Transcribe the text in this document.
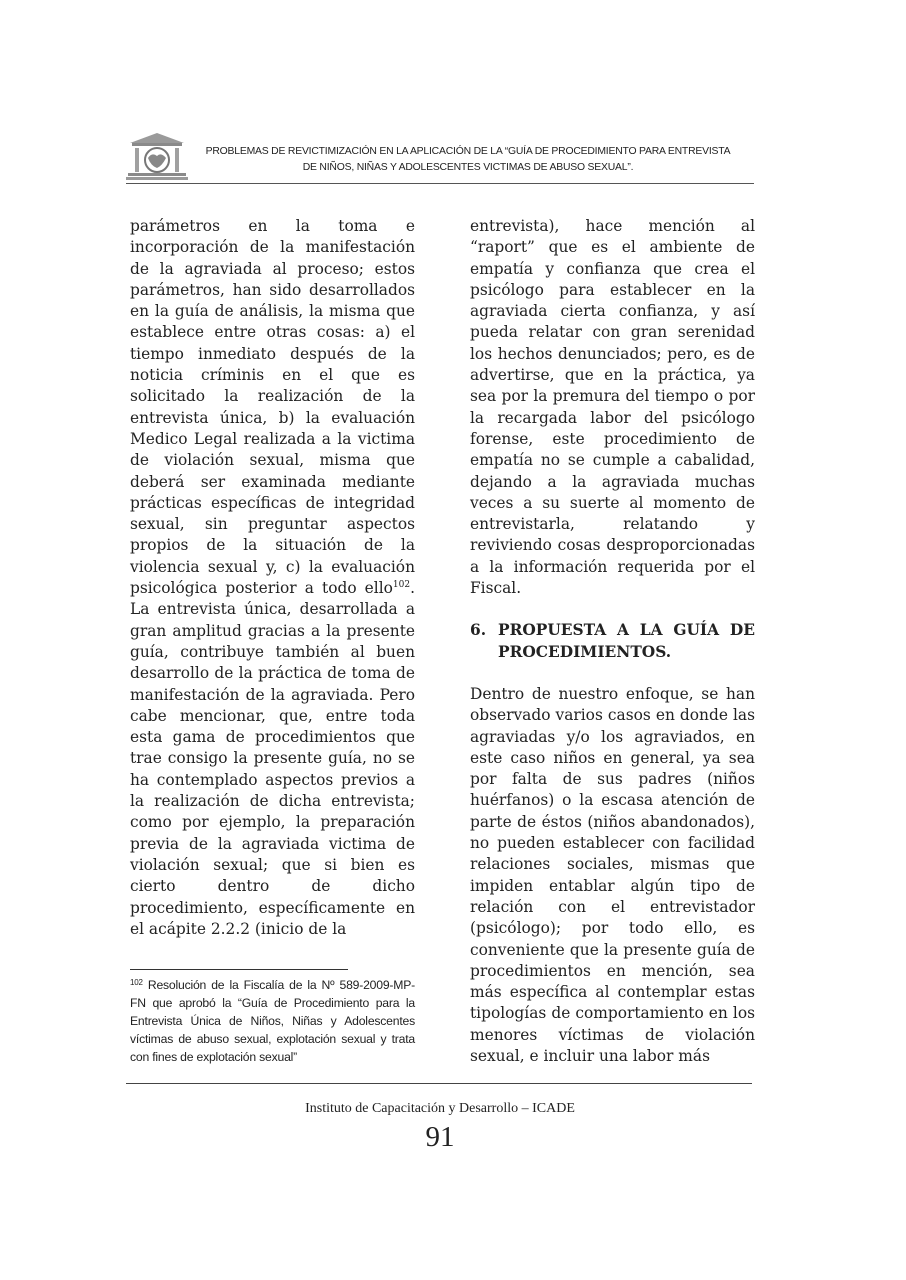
PROBLEMAS DE REVICTIMIZACIÓN EN LA APLICACIÓN DE LA “GUÍA DE PROCEDIMIENTO PARA ENTREVISTA
DE NIÑOS, NIÑAS Y ADOLESCENTES VICTIMAS DE ABUSO SEXUAL”.

parámetros en la toma e incorporación de la manifestación de la agraviada al proceso; estos parámetros, han sido desarrollados en la guía de análisis, la misma que establece entre otras cosas: a) el tiempo inmediato después de la noticia críminis en el que es solicitado la realización de la entrevista única, b) la evaluación Medico Legal realizada a la victima de violación sexual, misma que deberá ser examinada mediante prácticas específicas de integridad sexual, sin preguntar aspectos propios de la situación de la violencia sexual y, c) la evaluación psicológica posterior a todo ello$^{102}$. La entrevista única, desarrollada a gran amplitud gracias a la presente guía, contribuye también al buen desarrollo de la práctica de toma de manifestación de la agraviada. Pero cabe mencionar, que, entre toda esta gama de procedimientos que trae consigo la presente guía, no se ha contemplado aspectos previos a la realización de dicha entrevista; como por ejemplo, la preparación previa de la agraviada victima de violación sexual; que si bien es cierto dentro de dicho procedimiento, específicamente en el acápite 2.2.2 (inicio de la

$^{102}$ Resolución de la Fiscalía de la Nº 589-2009-MP-FN que aprobó la “Guía de Procedimiento para la Entrevista Única de Niños, Niñas y Adolescentes víctimas de abuso sexual, explotación sexual y trata con fines de explotación sexual”

entrevista), hace mención al “raport” que es el ambiente de empatía y confianza que crea el psicólogo para establecer en la agraviada cierta confianza, y así pueda relatar con gran serenidad los hechos denunciados; pero, es de advertirse, que en la práctica, ya sea por la premura del tiempo o por la recargada labor del psicólogo forense, este procedimiento de empatía no se cumple a cabalidad, dejando a la agraviada muchas veces a su suerte al momento de entrevistarla, relatando y reviviendo cosas desproporcionadas a la información requerida por el Fiscal.

6. PROPUESTA A LA GUÍA DE PROCEDIMIENTOS.

Dentro de nuestro enfoque, se han observado varios casos en donde las agraviadas y/o los agraviados, en este caso niños en general, ya sea por falta de sus padres (niños huérfanos) o la escasa atención de parte de éstos (niños abandonados), no pueden establecer con facilidad relaciones sociales, mismas que impiden entablar algún tipo de relación con el entrevistador (psicólogo); por todo ello, es conveniente que la presente guía de procedimientos en mención, sea más específica al contemplar estas tipologías de comportamiento en los menores víctimas de violación sexual, e incluir una labor más

Instituto de Capacitación y Desarrollo – ICADE
91
